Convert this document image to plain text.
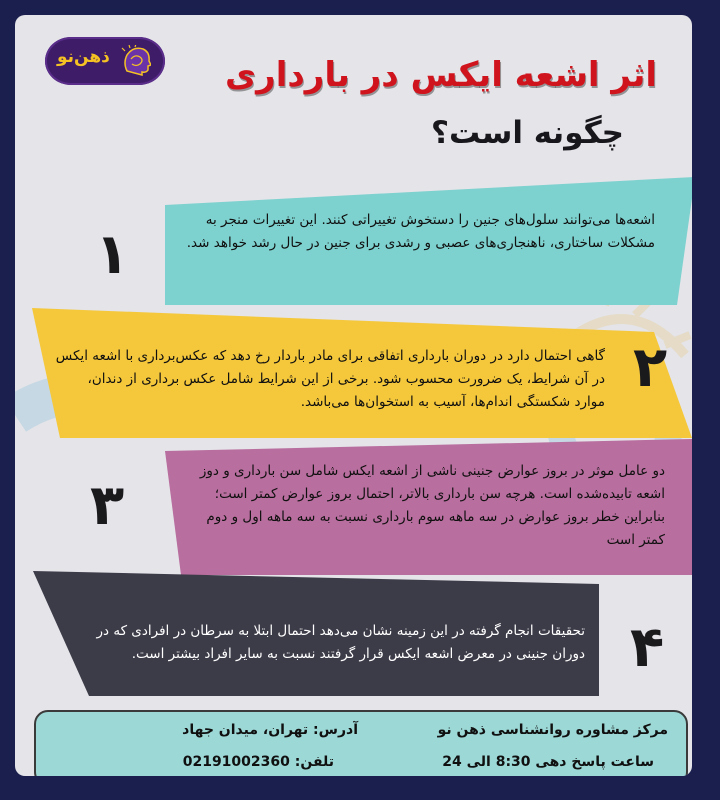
ذهن‌نو	اثر اشعه ایکس در بارداری
چگونه است؟
اشعه‌ها می‌توانند سلول‌های جنین را دستخوش تغییراتی کنند. این تغییرات منجر به مشکلات ساختاری، ناهنجاری‌های عصبی و رشدی برای جنین در حال رشد خواهد شد.
۱
گاهی احتمال دارد در دوران بارداری اتفاقی برای مادر باردار رخ دهد که عکس‌برداری با اشعه ایکس در آن شرایط، یک ضرورت محسوب شود. برخی از این شرایط شامل عکس برداری از دندان، موارد شکستگی اندام‌ها، آسیب به استخوان‌ها می‌باشد.
۲
دو عامل موثر در بروز عوارض جنینی ناشی از اشعه ایکس شامل سن بارداری و دوز اشعه تابیده‌شده است. هرچه سن بارداری بالاتر، احتمال بروز عوارض کمتر است؛ بنابراین خطر بروز عوارض در سه ماهه سوم بارداری نسبت به سه ماهه اول و دوم کمتر است
۳
تحقیقات انجام گرفته در این زمینه نشان می‌دهد احتمال ابتلا به سرطان در افرادی که در دوران جنینی در معرض اشعه ایکس قرار گرفتند نسبت به سایر افراد بیشتر است. ۴
مرکز مشاوره روانشناسی ذهن نو
ساعت پاسخ دهی 8:30 الی 24
آدرس: تهران، میدان جهاد
تلفن: 02191002360
